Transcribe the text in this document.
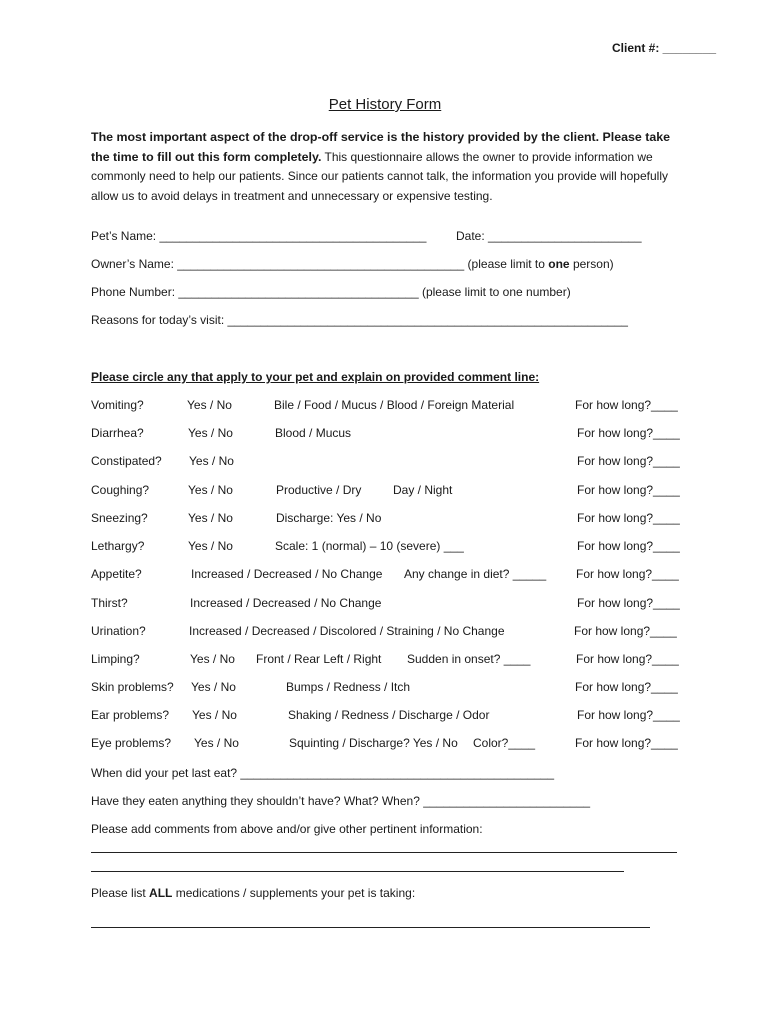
Client #: ________
Pet History Form
The most important aspect of the drop-off service is the history provided by the client. Please take the time to fill out this form completely. This questionnaire allows the owner to provide information we commonly need to help our patients. Since our patients cannot talk, the information you provide will hopefully allow us to avoid delays in treatment and unnecessary or expensive testing.
Pet’s Name: ________________________________________ Date: _______________________
Owner’s Name: ___________________________________________ (please limit to one person)
Phone Number: ____________________________________ (please limit to one number)
Reasons for today’s visit: ____________________________________________________________
Please circle any that apply to your pet and explain on provided comment line:
Vomiting?	Yes / No	Bile / Food / Mucus / Blood / Foreign Material	For how long?____
Diarrhea?	Yes / No	Blood / Mucus	For how long?____
Constipated? Yes / No	For how long?____
Coughing?	Yes / No	Productive / Dry	Day / Night	For how long?____
Sneezing?	Yes / No	Discharge: Yes / No	For how long?____
Lethargy?	Yes / No	Scale: 1 (normal) – 10 (severe) ___	For how long?____
Appetite?	Increased / Decreased / No Change Any change in diet? _____ For how long?____
Thirst?	Increased / Decreased / No Change	For how long?____
Urination?	Increased / Decreased / Discolored / Straining / No Change	For how long?____
Limping?	Yes / No Front / Rear Left / Right Sudden in onset? ____	For how long?____
Skin problems? Yes / No	Bumps / Redness / Itch	For how long?____
Ear problems? Yes / No	Shaking / Redness / Discharge / Odor	For how long?____
Eye problems? Yes / No	Squinting / Discharge? Yes / No Color?____	For how long?____
When did your pet last eat? _______________________________________________
Have they eaten anything they shouldn’t have? What? When? _________________________
Please add comments from above and/or give other pertinent information:
Please list ALL medications / supplements your pet is taking:
